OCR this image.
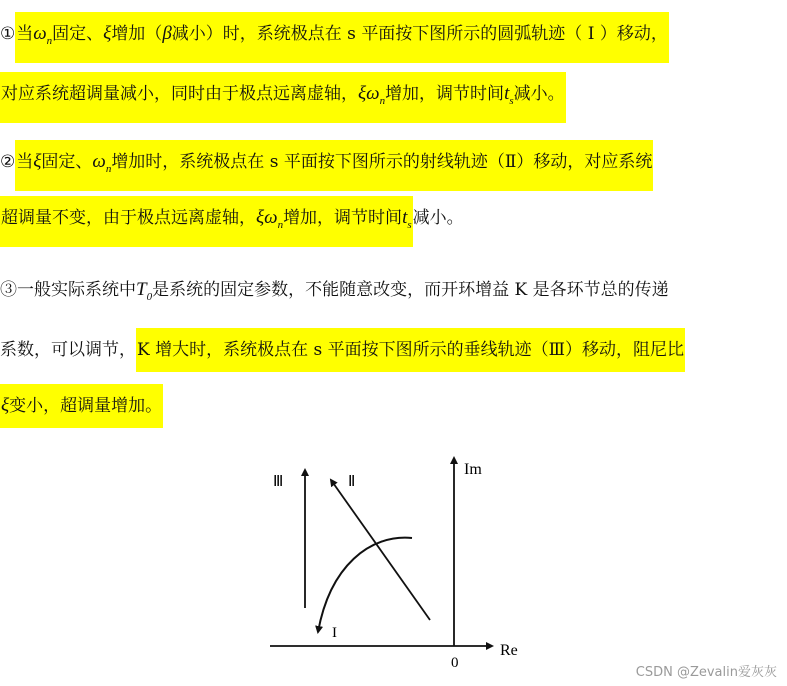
①当$\omega_n$固定、ξ增加（β减小）时，系统极点在 s 平面按下图所示的圆弧轨迹（ I ）移动，
对应系统超调量减小，同时由于极点远离虚轴，$\xi\omega_n$增加，调节时间$t_s$减小。
②当ξ固定、$\omega_n$增加时，系统极点在 s 平面按下图所示的射线轨迹（Ⅱ）移动，对应系统
超调量不变，由于极点远离虚轴，$\xi\omega_n$增加，调节时间$t_s$减小。
③一般实际系统中$T_0$是系统的固定参数，不能随意改变，而开环增益 K 是各环节总的传递
系数，可以调节，K 增大时，系统极点在 s 平面按下图所示的垂线轨迹（Ⅲ）移动，阻尼比
ξ变小，超调量增加。
Ⅲ	Ⅱ
I
Im
Re
0
CSDN @Zevalin爱灰灰
